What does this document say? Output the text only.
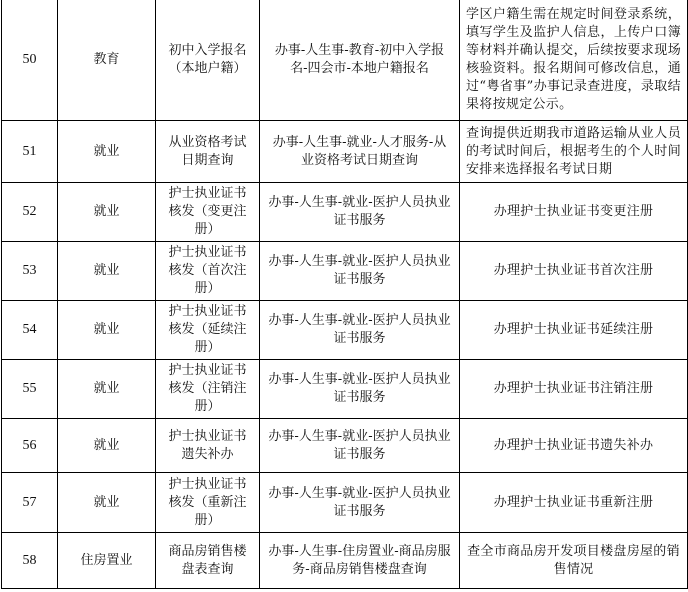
50	教育	初中入学报名（本地户籍）	办事-人生事-教育-初中入学报名-四会市-本地户籍报名	学区户籍生需在规定时间登录系统，填写学生及监护人信息，上传户口簿等材料并确认提交，后续按要求现场核验资料。报名期间可修改信息，通过“粤省事”办事记录查进度，录取结果将按规定公示。
51	就业	从业资格考试日期查询	办事-人生事-就业-人才服务-从业资格考试日期查询	查询提供近期我市道路运输从业人员的考试时间后，根据考生的个人时间安排来选择报名考试日期
52	就业	护士执业证书核发（变更注册）	办事-人生事-就业-医护人员执业证书服务	办理护士执业证书变更注册
53	就业	护士执业证书核发（首次注册）	办事-人生事-就业-医护人员执业证书服务	办理护士执业证书首次注册
54	就业	护士执业证书核发（延续注册）	办事-人生事-就业-医护人员执业证书服务	办理护士执业证书延续注册
55	就业	护士执业证书核发（注销注册）	办事-人生事-就业-医护人员执业证书服务	办理护士执业证书注销注册
56	就业	护士执业证书遗失补办	办事-人生事-就业-医护人员执业证书服务	办理护士执业证书遗失补办
57	就业	护士执业证书核发（重新注册）	办事-人生事-就业-医护人员执业证书服务	办理护士执业证书重新注册
58	住房置业	商品房销售楼盘表查询	办事-人生事-住房置业-商品房服务-商品房销售楼盘查询	查全市商品房开发项目楼盘房屋的销售情况
